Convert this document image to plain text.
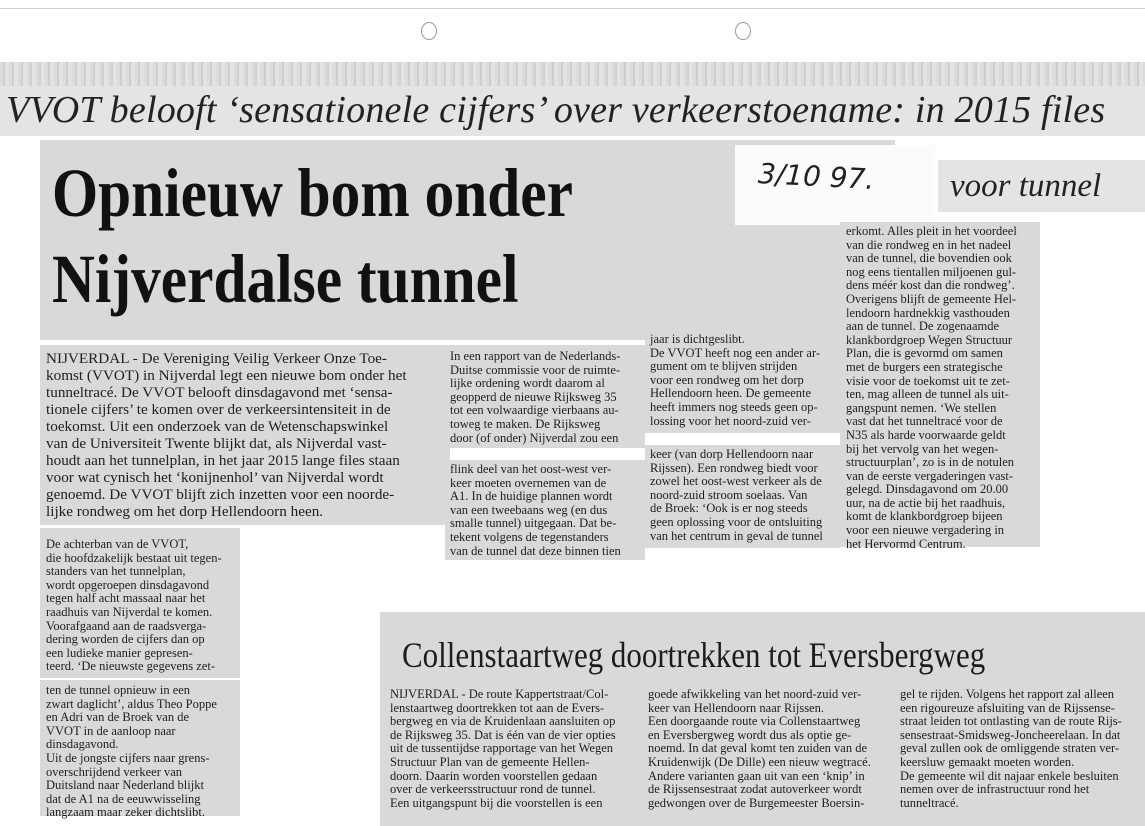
VVOT belooft ‘sensationele cijfers’ over verkeerstoename: in 2015 files
Opnieuw bom onder
Nijverdalse tunnel
3/10 97. voor tunnel

NIJVERDAL - De Vereniging Veilig Verkeer Onze Toe-

komst (VVOT) in Nijverdal legt een nieuwe bom onder het

tunneltracé. De VVOT belooft dinsdagavond met ‘sensa-

tionele cijfers’ te komen over de verkeersintensiteit in de

toekomst. Uit een onderzoek van de Wetenschapswinkel

van de Universiteit Twente blijkt dat, als Nijverdal vast-

houdt aan het tunnelplan, in het jaar 2015 lange files staan

voor wat cynisch het ‘konijnenhol’ van Nijverdal wordt

genoemd. De VVOT blijft zich inzetten voor een noorde-

lijke rondweg om het dorp Hellendoorn heen.

De achterban van de VVOT,

die hoofdzakelijk bestaat uit tegen-

standers van het tunnelplan,

wordt opgeroepen dinsdagavond

tegen half acht massaal naar het

raadhuis van Nijverdal te komen.

Voorafgaand aan de raadsverga-

dering worden de cijfers dan op

een ludieke manier gepresen-

teerd. ‘De nieuwste gegevens zet-

ten de tunnel opnieuw in een

zwart daglicht’, aldus Theo Poppe

en Adri van de Broek van de

VVOT in de aanloop naar

dinsdagavond.

Uit de jongste cijfers naar grens-

overschrijdend verkeer van

Duitsland naar Nederland blijkt

dat de A1 na de eeuwwisseling

langzaam maar zeker dichtslibt.

In een rapport van de Nederlands-

Duitse commissie voor de ruimte-

lijke ordening wordt daarom al

geopperd de nieuwe Rijksweg 35

tot een volwaardige vierbaans au-

toweg te maken. De Rijksweg

door (of onder) Nijverdal zou een

flink deel van het oost-west ver-

keer moeten overnemen van de

A1. In de huidige plannen wordt

van een tweebaans weg (en dus

smalle tunnel) uitgegaan. Dat be-

tekent volgens de tegenstanders

van de tunnel dat deze binnen tien

jaar is dichtgeslibt.

De VVOT heeft nog een ander ar-

gument om te blijven strijden

voor een rondweg om het dorp

Hellendoorn heen. De gemeente

heeft immers nog steeds geen op-

lossing voor het noord-zuid ver-

keer (van dorp Hellendoorn naar

Rijssen). Een rondweg biedt voor

zowel het oost-west verkeer als de

noord-zuid stroom soelaas. Van

de Broek: ‘Ook is er nog steeds

geen oplossing voor de ontsluiting

van het centrum in geval de tunnel

erkomt. Alles pleit in het voordeel

van die rondweg en in het nadeel

van de tunnel, die bovendien ook

nog eens tientallen miljoenen gul-

dens méér kost dan die rondweg’.

Overigens blijft de gemeente Hel-

lendoorn hardnekkig vasthouden

aan de tunnel. De zogenaamde

klankbordgroep Wegen Structuur

Plan, die is gevormd om samen

met de burgers een strategische

visie voor de toekomst uit te zet-

ten, mag alleen de tunnel als uit-

gangspunt nemen. ‘We stellen

vast dat het tunneltracé voor de

N35 als harde voorwaarde geldt

bij het vervolg van het wegen-

structuurplan’, zo is in de notulen

van de eerste vergaderingen vast-

gelegd. Dinsdagavond om 20.00

uur, na de actie bij het raadhuis,

komt de klankbordgroep bijeen

voor een nieuwe vergadering in

het Hervormd Centrum.

Collenstaartweg doortrekken tot Eversbergweg

NIJVERDAL - De route Kappertstraat/Col-

lenstaartweg doortrekken tot aan de Evers-

bergweg en via de Kruidenlaan aansluiten op

de Rijksweg 35. Dat is één van de vier opties

uit de tussentijdse rapportage van het Wegen

Structuur Plan van de gemeente Hellen-

doorn. Daarin worden voorstellen gedaan

over de verkeersstructuur rond de tunnel.

Een uitgangspunt bij die voorstellen is een

goede afwikkeling van het noord-zuid ver-

keer van Hellendoorn naar Rijssen.

Een doorgaande route via Collenstaartweg

en Eversbergweg wordt dus als optie ge-

noemd. In dat geval komt ten zuiden van de

Kruidenwijk (De Dille) een nieuw wegtracé.

Andere varianten gaan uit van een ‘knip’ in

de Rijssensestraat zodat autoverkeer wordt

gedwongen over de Burgemeester Boersin-

gel te rijden. Volgens het rapport zal alleen

een rigoureuze afsluiting van de Rijssense-

straat leiden tot ontlasting van de route Rijs-

sensestraat-Smidsweg-Joncheerelaan. In dat

geval zullen ook de omliggende straten ver-

keersluw gemaakt moeten worden.

De gemeente wil dit najaar enkele besluiten

nemen over de infrastructuur rond het

tunneltracé.
